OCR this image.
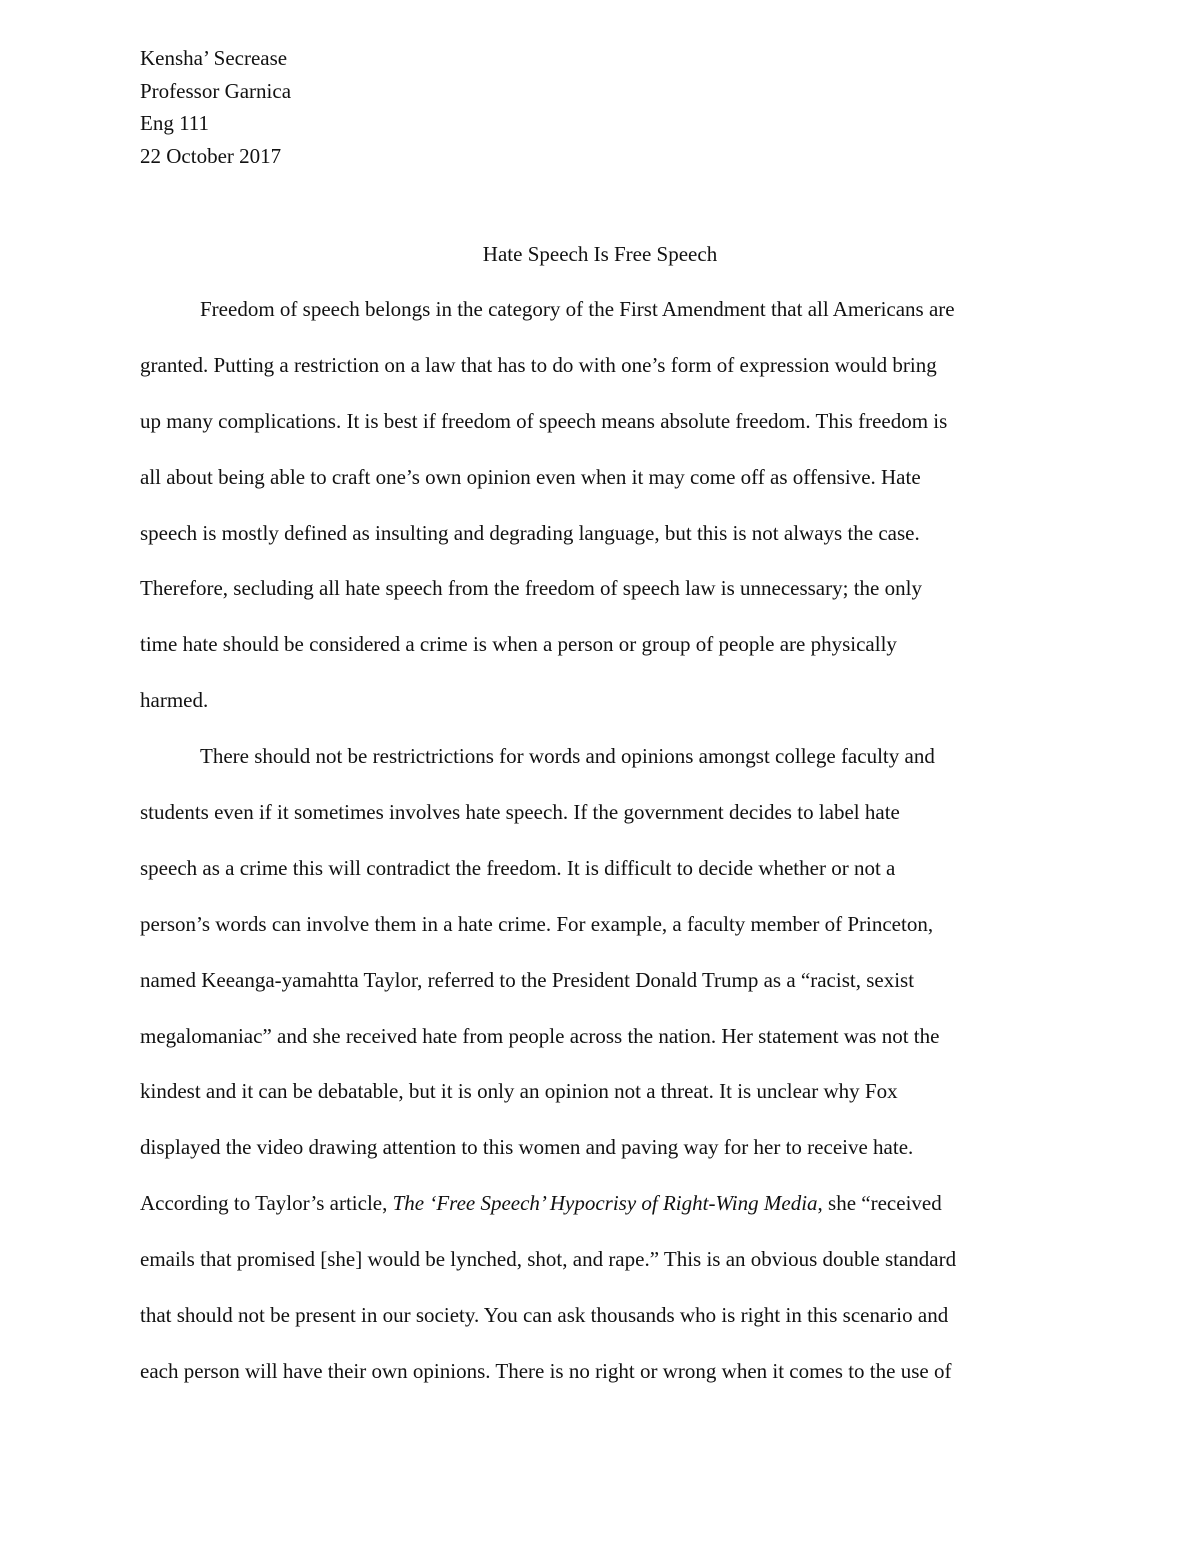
Kensha’ Secrease
Professor Garnica
Eng 111
22 October 2017
Hate Speech Is Free Speech
Freedom of speech belongs in the category of the First Amendment that all Americans are
granted. Putting a restriction on a law that has to do with one’s form of expression would bring
up many complications. It is best if freedom of speech means absolute freedom. This freedom is
all about being able to craft one’s own opinion even when it may come off as offensive. Hate
speech is mostly defined as insulting and degrading language, but this is not always the case.
Therefore, secluding all hate speech from the freedom of speech law is unnecessary; the only
time hate should be considered a crime is when a person or group of people are physically
harmed.
There should not be restrictrictions for words and opinions amongst college faculty and
students even if it sometimes involves hate speech. If the government decides to label hate
speech as a crime this will contradict the freedom. It is difficult to decide whether or not a
person’s words can involve them in a hate crime. For example, a faculty member of Princeton,
named Keeanga-yamahtta Taylor, referred to the President Donald Trump as a “racist, sexist
megalomaniac” and she received hate from people across the nation. Her statement was not the
kindest and it can be debatable, but it is only an opinion not a threat. It is unclear why Fox
displayed the video drawing attention to this women and paving way for her to receive hate.
According to Taylor’s article, The ‘Free Speech’ Hypocrisy of Right-Wing Media, she “received
emails that promised [she] would be lynched, shot, and rape.” This is an obvious double standard
that should not be present in our society. You can ask thousands who is right in this scenario and
each person will have their own opinions. There is no right or wrong when it comes to the use of
